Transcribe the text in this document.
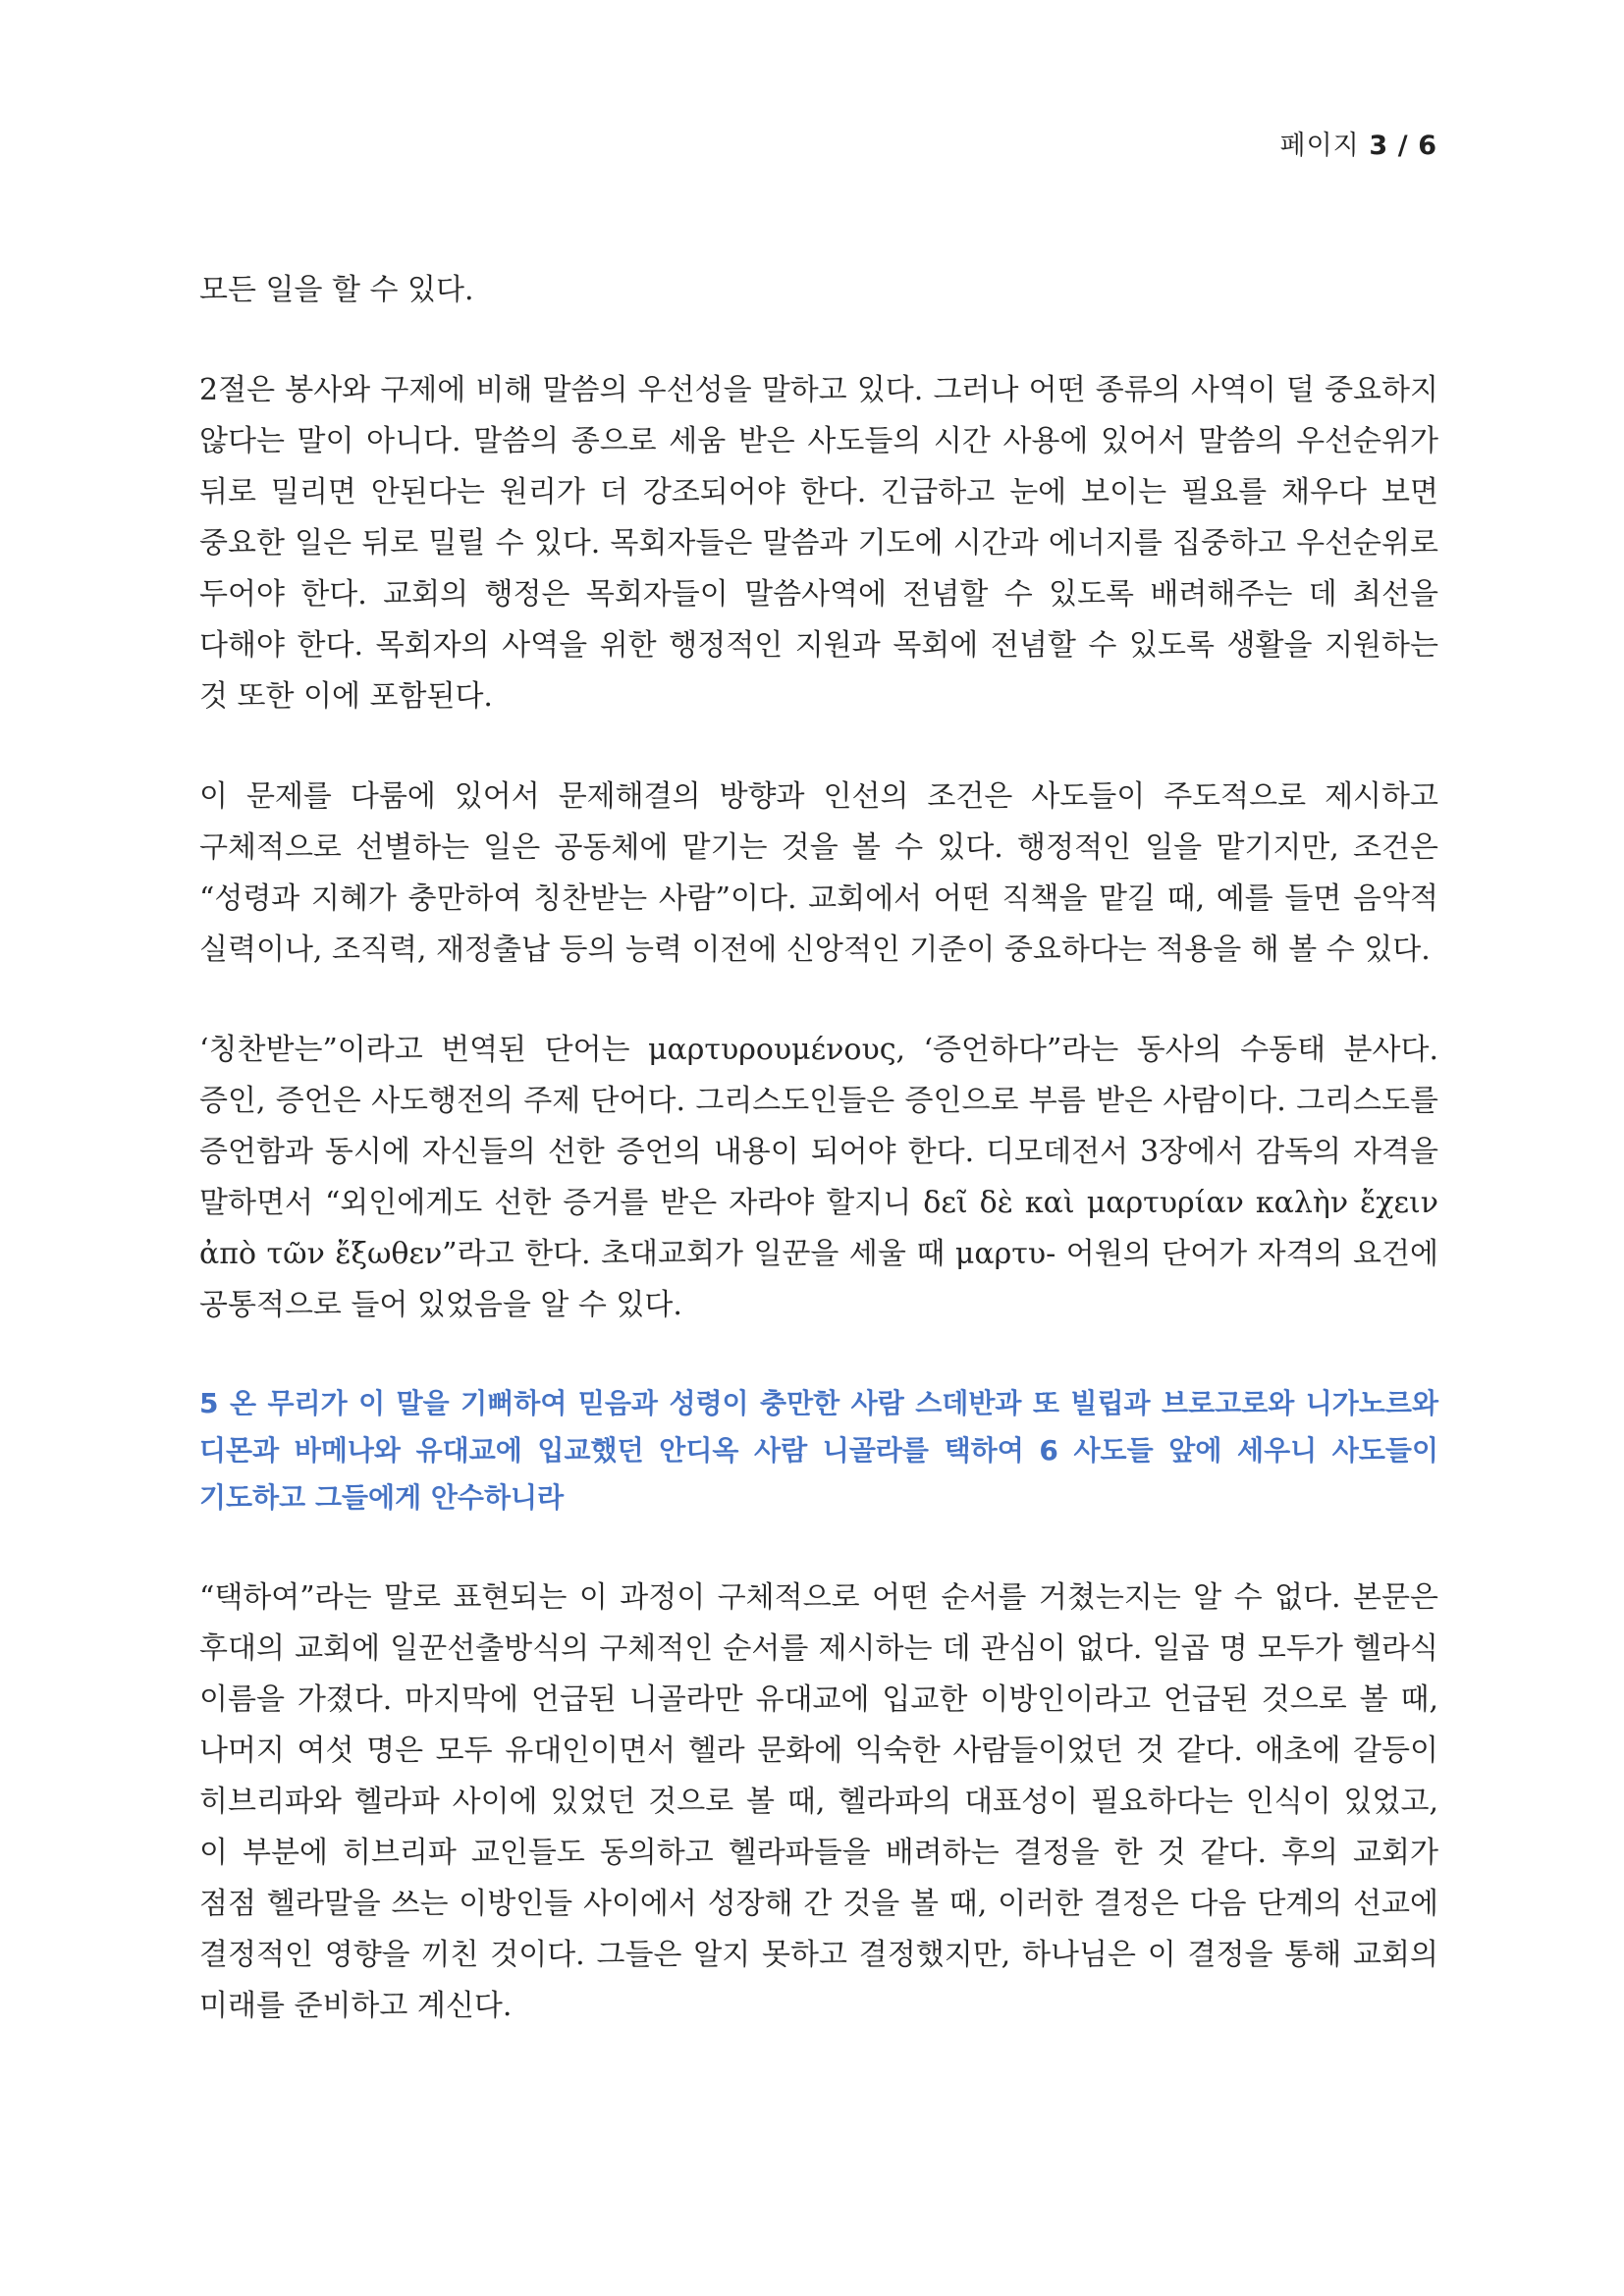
페이지 3 / 6

모든 일을 할 수 있다.

2절은 봉사와 구제에 비해 말씀의 우선성을 말하고 있다. 그러나 어떤 종류의 사역이 덜 중요하지 않다는 말이 아니다. 말씀의 종으로 세움 받은 사도들의 시간 사용에 있어서 말씀의 우선순위가 뒤로 밀리면 안된다는 원리가 더 강조되어야 한다. 긴급하고 눈에 보이는 필요를 채우다 보면 중요한 일은 뒤로 밀릴 수 있다. 목회자들은 말씀과 기도에 시간과 에너지를 집중하고 우선순위로 두어야 한다. 교회의 행정은 목회자들이 말씀사역에 전념할 수 있도록 배려해주는 데 최선을 다해야 한다. 목회자의 사역을 위한 행정적인 지원과 목회에 전념할 수 있도록 생활을 지원하는 것 또한 이에 포함된다.

이 문제를 다룸에 있어서 문제해결의 방향과 인선의 조건은 사도들이 주도적으로 제시하고 구체적으로 선별하는 일은 공동체에 맡기는 것을 볼 수 있다. 행정적인 일을 맡기지만, 조건은 “성령과 지혜가 충만하여 칭찬받는 사람”이다. 교회에서 어떤 직책을 맡길 때, 예를 들면 음악적 실력이나, 조직력, 재정출납 등의 능력 이전에 신앙적인 기준이 중요하다는 적용을 해 볼 수 있다.

‘칭찬받는”이라고 번역된 단어는 μαρτυρουμένους, ‘증언하다”라는 동사의 수동태 분사다. 증인, 증언은 사도행전의 주제 단어다. 그리스도인들은 증인으로 부름 받은 사람이다. 그리스도를 증언함과 동시에 자신들의 선한 증언의 내용이 되어야 한다. 디모데전서 3장에서 감독의 자격을 말하면서 “외인에게도 선한 증거를 받은 자라야 할지니 δεῖ δὲ καὶ μαρτυρίαν καλὴν ἔχειν ἀπὸ τῶν ἔξωθεν”라고 한다. 초대교회가 일꾼을 세울 때 μαρτυ- 어원의 단어가 자격의 요건에 공통적으로 들어 있었음을 알 수 있다.

5 온 무리가 이 말을 기뻐하여 믿음과 성령이 충만한 사람 스데반과 또 빌립과 브로고로와 니가노르와 디몬과 바메나와 유대교에 입교했던 안디옥 사람 니골라를 택하여 6 사도들 앞에 세우니 사도들이 기도하고 그들에게 안수하니라

“택하여”라는 말로 표현되는 이 과정이 구체적으로 어떤 순서를 거쳤는지는 알 수 없다. 본문은 후대의 교회에 일꾼선출방식의 구체적인 순서를 제시하는 데 관심이 없다. 일곱 명 모두가 헬라식 이름을 가졌다. 마지막에 언급된 니골라만 유대교에 입교한 이방인이라고 언급된 것으로 볼 때, 나머지 여섯 명은 모두 유대인이면서 헬라 문화에 익숙한 사람들이었던 것 같다. 애초에 갈등이 히브리파와 헬라파 사이에 있었던 것으로 볼 때, 헬라파의 대표성이 필요하다는 인식이 있었고, 이 부분에 히브리파 교인들도 동의하고 헬라파들을 배려하는 결정을 한 것 같다. 후의 교회가 점점 헬라말을 쓰는 이방인들 사이에서 성장해 간 것을 볼 때, 이러한 결정은 다음 단계의 선교에 결정적인 영향을 끼친 것이다. 그들은 알지 못하고 결정했지만, 하나님은 이 결정을 통해 교회의 미래를 준비하고 계신다.
